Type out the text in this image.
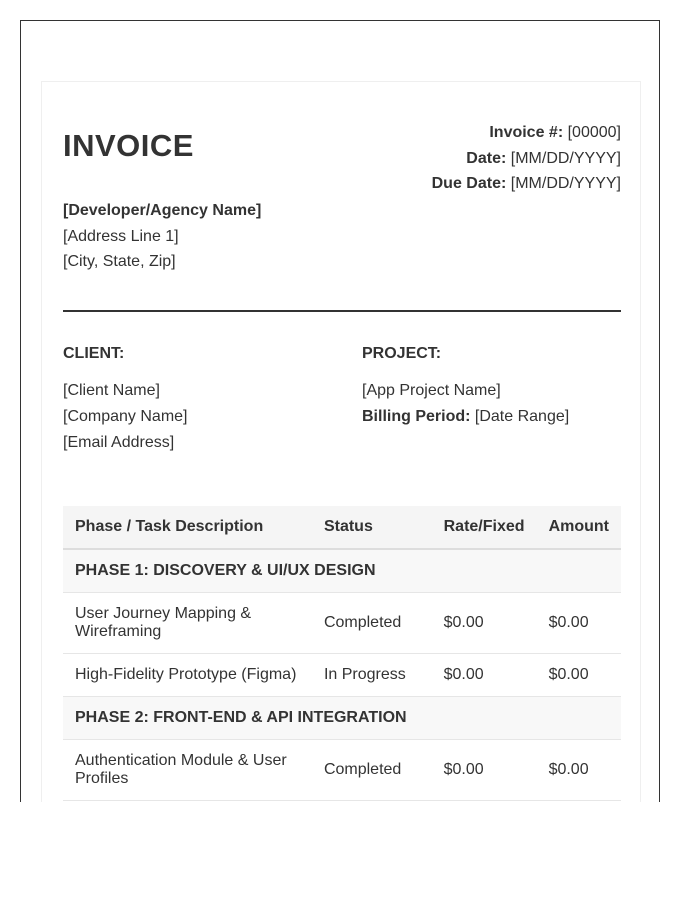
INVOICE	Invoice #: [00000]
Date: [MM/DD/YYYY]
Due Date: [MM/DD/YYYY]
[Developer/Agency Name]
[Address Line 1]
[City, State, Zip]
CLIENT:
[Client Name]
[Company Name]
[Email Address]
PROJECT:
[App Project Name]
Billing Period: [Date Range]
Phase / Task Description	Status	Rate/Fixed	Amount
PHASE 1: DISCOVERY & UI/UX DESIGN			
User Journey Mapping & Wireframing	Completed	$0.00	$0.00
High-Fidelity Prototype (Figma)	In Progress	$0.00	$0.00
PHASE 2: FRONT-END & API INTEGRATION			
Authentication Module & User Profiles	Completed	$0.00	$0.00
